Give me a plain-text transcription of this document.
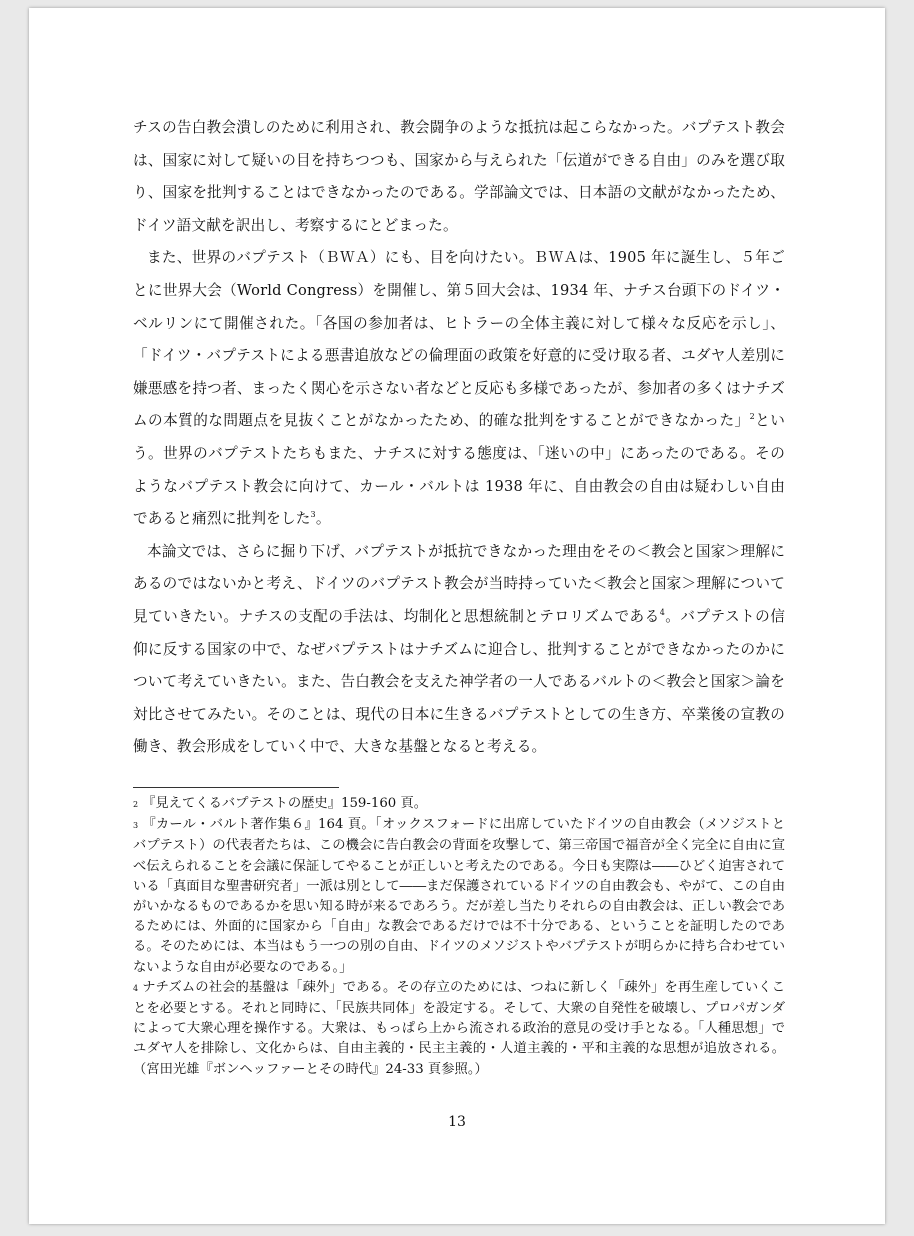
チスの告白教会潰しのために利用され、教会闘争のような抵抗は起こらなかった。バプテスト教会は、国家に対して疑いの目を持ちつつも、国家から与えられた「伝道ができる自由」のみを選び取り、国家を批判することはできなかったのである。学部論文では、日本語の文献がなかったため、ドイツ語文献を訳出し、考察するにとどまった。

また、世界のバプテスト（ＢＷＡ）にも、目を向けたい。ＢＷＡは、1905 年に誕生し、５年ごとに世界大会（World Congress）を開催し、第５回大会は、1934 年、ナチス台頭下のドイツ・ベルリンにて開催された。「各国の参加者は、ヒトラーの全体主義に対して様々な反応を示し」、「ドイツ・バプテストによる悪書追放などの倫理面の政策を好意的に受け取る者、ユダヤ人差別に嫌悪感を持つ者、まったく関心を示さない者などと反応も多様であったが、参加者の多くはナチズムの本質的な問題点を見抜くことがなかったため、的確な批判をすることができなかった」$^2$という。世界のバプテストたちもまた、ナチスに対する態度は、「迷いの中」にあったのである。そのようなバプテスト教会に向けて、カール・バルトは 1938 年に、自由教会の自由は疑わしい自由であると痛烈に批判をした$^3$。

本論文では、さらに掘り下げ、バプテストが抵抗できなかった理由をその＜教会と国家＞理解にあるのではないかと考え、ドイツのバプテスト教会が当時持っていた＜教会と国家＞理解について見ていきたい。ナチスの支配の手法は、均制化と思想統制とテロリズムである$^4$。バプテストの信仰に反する国家の中で、なぜバプテストはナチズムに迎合し、批判することができなかったのかについて考えていきたい。また、告白教会を支えた神学者の一人であるバルトの＜教会と国家＞論を対比させてみたい。そのことは、現代の日本に生きるバプテストとしての生き方、卒業後の宣教の働き、教会形成をしていく中で、大きな基盤となると考える。

2 『見えてくるバプテストの歴史』159-160 頁。

3 『カール・バルト著作集６』164 頁。「オックスフォードに出席していたドイツの自由教会（メソジストとバプテスト）の代表者たちは、この機会に告白教会の背面を攻撃して、第三帝国で福音が全く完全に自由に宣べ伝えられることを会議に保証してやることが正しいと考えたのである。今日も実際は――ひどく迫害されている「真面目な聖書研究者」一派は別として――まだ保護されているドイツの自由教会も、やがて、この自由がいかなるものであるかを思い知る時が来るであろう。だが差し当たりそれらの自由教会は、正しい教会であるためには、外面的に国家から「自由」な教会であるだけでは不十分である、ということを証明したのである。そのためには、本当はもう一つの別の自由、ドイツのメソジストやバプテストが明らかに持ち合わせていないような自由が必要なのである。」

4 ナチズムの社会的基盤は「疎外」である。その存立のためには、つねに新しく「疎外」を再生産していくことを必要とする。それと同時に、「民族共同体」を設定する。そして、大衆の自発性を破壊し、プロパガンダによって大衆心理を操作する。大衆は、もっぱら上から流される政治的意見の受け手となる。「人種思想」でユダヤ人を排除し、文化からは、自由主義的・民主主義的・人道主義的・平和主義的な思想が追放される。（宮田光雄『ボンヘッファーとその時代』24-33 頁参照。）

13
